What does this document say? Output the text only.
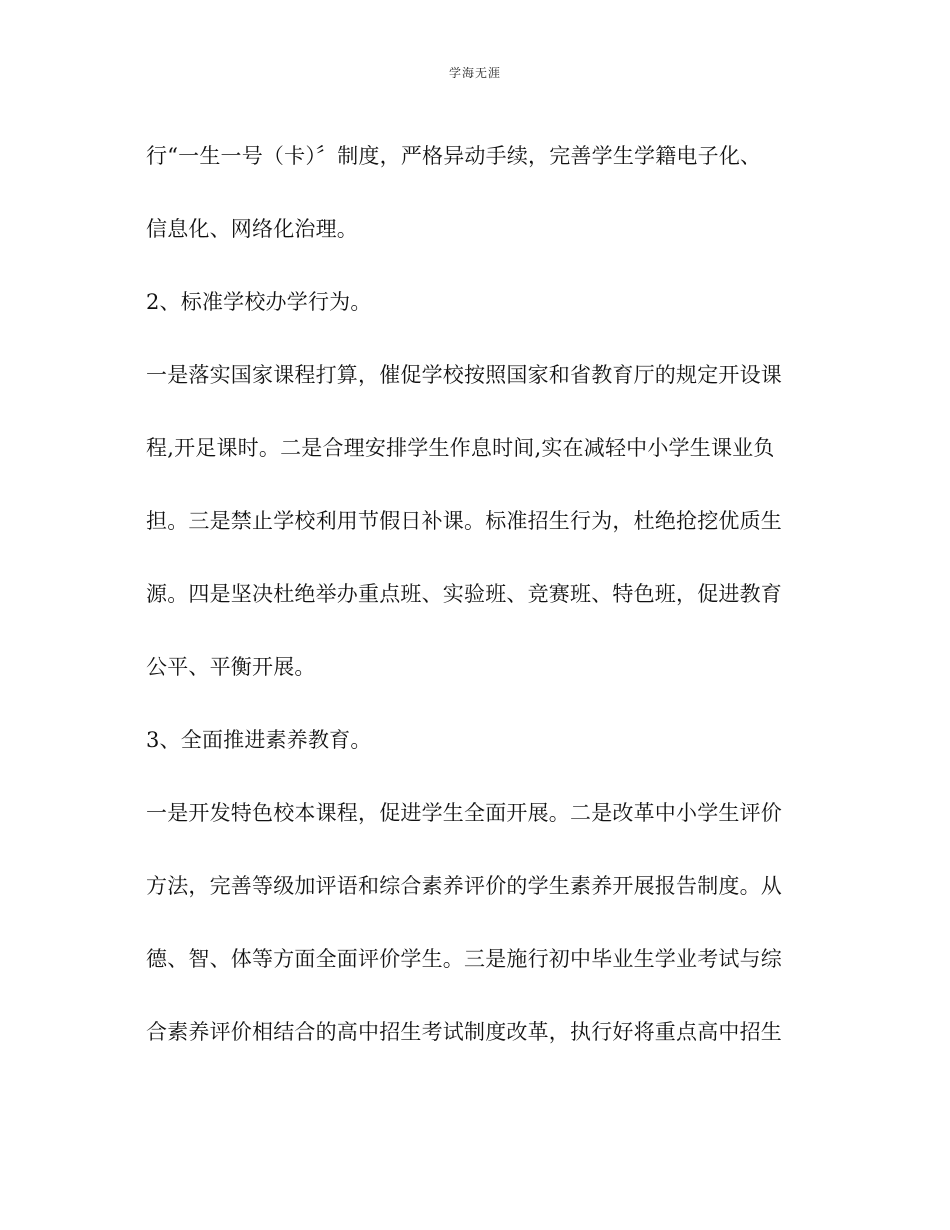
学海无涯
行“一生一号（卡）〞制度，严格异动手续，完善学生学籍电子化、
信息化、网络化治理。
2、标准学校办学行为。
一是落实国家课程打算，催促学校按照国家和省教育厅的规定开设课
程,开足课时。二是合理安排学生作息时间,实在减轻中小学生课业负
担。三是禁止学校利用节假日补课。标准招生行为，杜绝抢挖优质生
源。四是坚决杜绝举办重点班、实验班、竞赛班、特色班，促进教育
公平、平衡开展。
3、全面推进素养教育。
一是开发特色校本课程，促进学生全面开展。二是改革中小学生评价
方法，完善等级加评语和综合素养评价的学生素养开展报告制度。从
德、智、体等方面全面评价学生。三是施行初中毕业生学业考试与综
合素养评价相结合的高中招生考试制度改革，执行好将重点高中招生
